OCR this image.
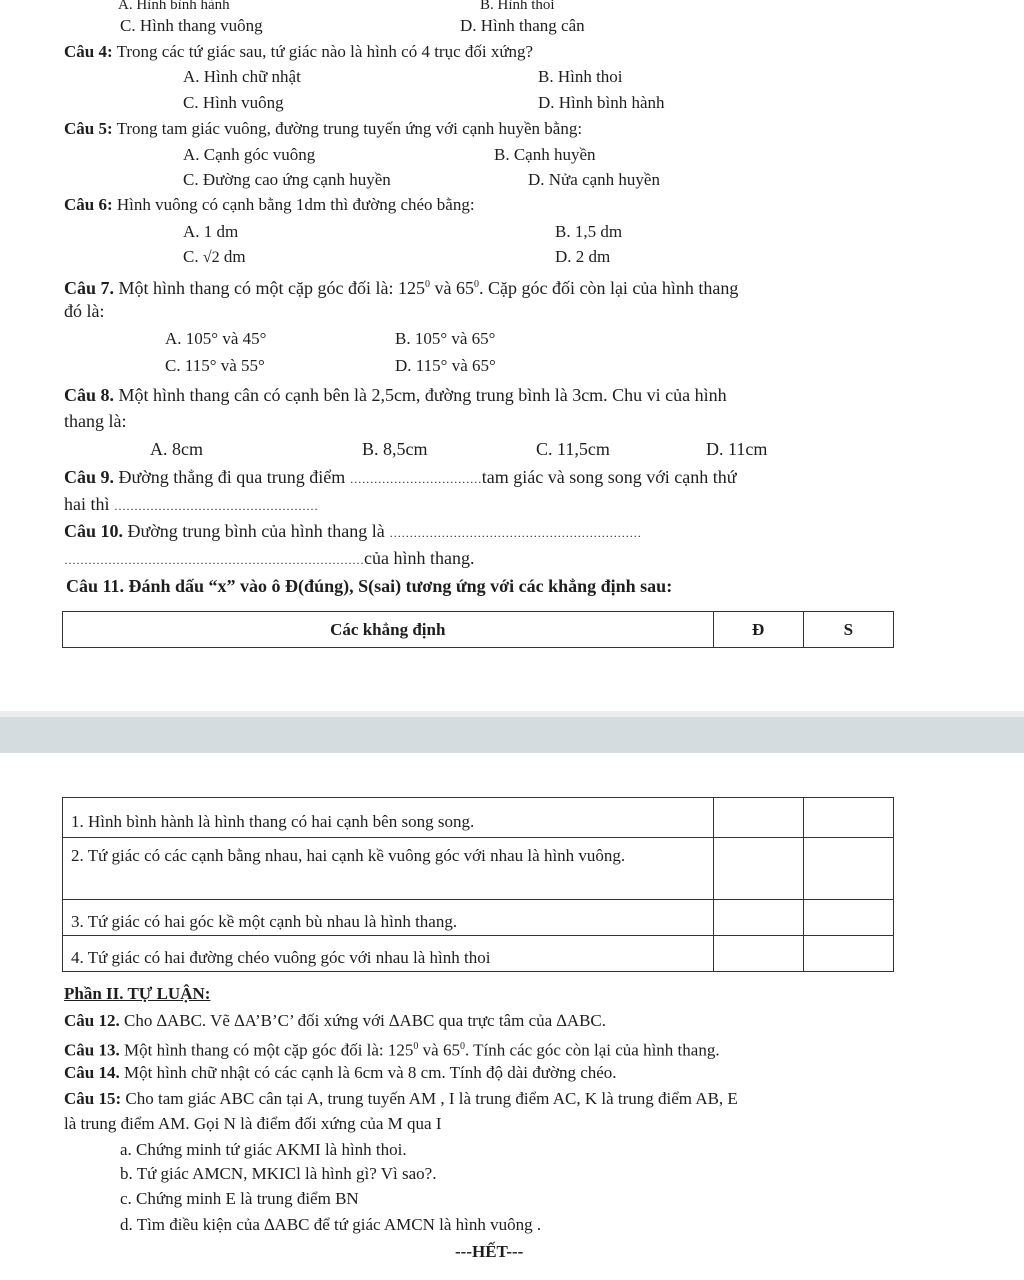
A. Hình bình hành	B. Hình thoi
C. Hình thang vuông	D. Hình thang cân
Câu 4: Trong các tứ giác sau, tứ giác nào là hình có 4 trục đối xứng?
A. Hình chữ nhật	B. Hình thoi
C. Hình vuông	D. Hình bình hành
Câu 5: Trong tam giác vuông, đường trung tuyến ứng với cạnh huyền bằng:
A. Cạnh góc vuông	B. Cạnh huyền
C. Đường cao ứng cạnh huyền	D. Nửa cạnh huyền
Câu 6: Hình vuông có cạnh bằng 1dm thì đường chéo bằng:
A. 1 dm	B. 1,5 dm
C. √2 dm	D. 2 dm
Câu 7. Một hình thang có một cặp góc đối là: $125^0$ và $65^0$. Cặp góc đối còn lại của hình thang
đó là:
A. 105° và 45°	B. 105° và 65°
C. 115° và 55°	D. 115° và 65°
Câu 8. Một hình thang cân có cạnh bên là 2,5cm, đường trung bình là 3cm. Chu vi của hình
thang là:
A. 8cm	B. 8,5cm	C. 11,5cm	D. 11cm
Câu 9. Đường thẳng đi qua trung điểm ……………………………tam giác và song song với cạnh thứ
hai thì ……………………………………………
Câu 10. Đường trung bình của hình thang là ………………………………………………………
…………………………………………………………………của hình thang.
Câu 11. Đánh dấu “x” vào ô Đ(đúng), S(sai) tương ứng với các khẳng định sau:
Các khẳng định	Đ	S
1. Hình bình hành là hình thang có hai cạnh bên song song.		
2. Tứ giác có các cạnh bằng nhau, hai cạnh kề vuông góc với nhau là hình vuông.		
3. Tứ giác có hai góc kề một cạnh bù nhau là hình thang.		
4. Tứ giác có hai đường chéo vuông góc với nhau là hình thoi		
Phần II. TỰ LUẬN:
Câu 12. Cho ∆ABC. Vẽ ∆A’B’C’ đối xứng với ∆ABC qua trực tâm của ∆ABC.
Câu 13. Một hình thang có một cặp góc đối là: $125^0$ và $65^0$. Tính các góc còn lại của hình thang.
Câu 14. Một hình chữ nhật có các cạnh là 6cm và 8 cm. Tính độ dài đường chéo.
Câu 15: Cho tam giác ABC cân tại A, trung tuyến AM , I là trung điểm AC, K là trung điểm AB, E
là trung điểm AM. Gọi N là điểm đối xứng của M qua I
a. Chứng minh tứ giác AKMI là hình thoi.
b. Tứ giác AMCN, MKICl là hình gì? Vì sao?.
c. Chứng minh E là trung điểm BN
d. Tìm điều kiện của ∆ABC để tứ giác AMCN là hình vuông .
---HẾT---
